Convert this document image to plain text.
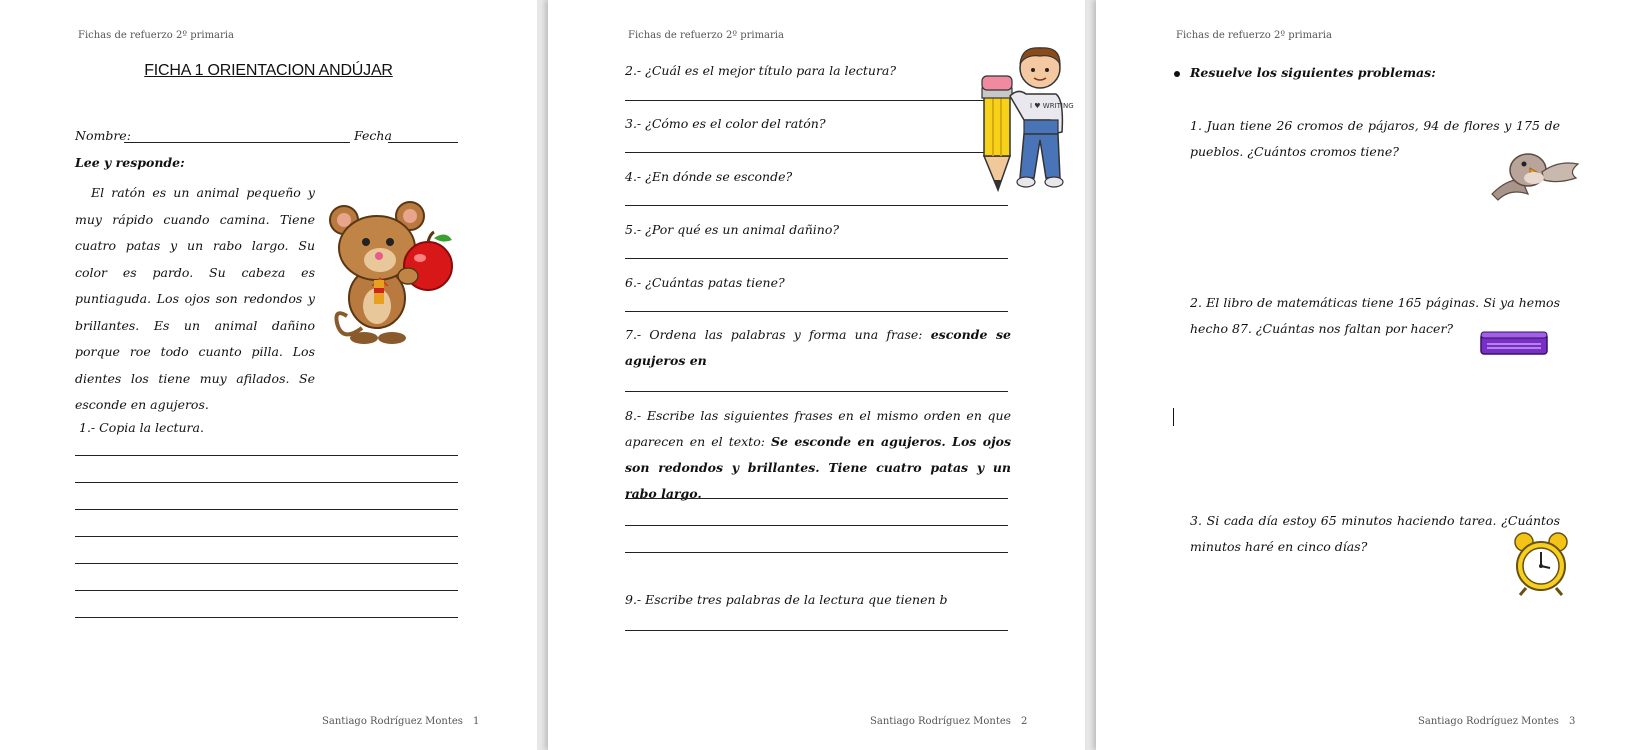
Fichas de refuerzo 2º primaria
FICHA 1 ORIENTACION ANDÚJAR
Nombre:	Fecha
Lee y responde:
El ratón es un animal pequeño y muy rápido cuando camina. Tiene cuatro patas y un rabo largo. Su color es pardo. Su cabeza es puntiaguda. Los ojos son redondos y brillantes. Es un animal dañino porque roe todo cuanto pilla. Los dientes los tiene muy afilados. Se esconde en agujeros.
1.- Copia la lectura.
Santiago Rodríguez Montes 1
Fichas de refuerzo 2º primaria
2.- ¿Cuál es el mejor título para la lectura?
3.- ¿Cómo es el color del ratón?
4.- ¿En dónde se esconde?
5.- ¿Por qué es un animal dañino?
6.- ¿Cuántas patas tiene?
7.- Ordena las palabras y forma una frase: esconde se agujeros en
8.- Escribe las siguientes frases en el mismo orden en que aparecen en el texto: Se esconde en agujeros. Los ojos son redondos y brillantes. Tiene cuatro patas y un rabo largo.
9.- Escribe tres palabras de la lectura que tienen b
I ♥ WRITING
Santiago Rodríguez Montes 2
Fichas de refuerzo 2º primaria
Resuelve los siguientes problemas:
1. Juan tiene 26 cromos de pájaros, 94 de flores y 175 de pueblos. ¿Cuántos cromos tiene?
2. El libro de matemáticas tiene 165 páginas. Si ya hemos hecho 87. ¿Cuántas nos faltan por hacer?
3. Si cada día estoy 65 minutos haciendo tarea. ¿Cuántos minutos haré en cinco días?
Santiago Rodríguez Montes 3
